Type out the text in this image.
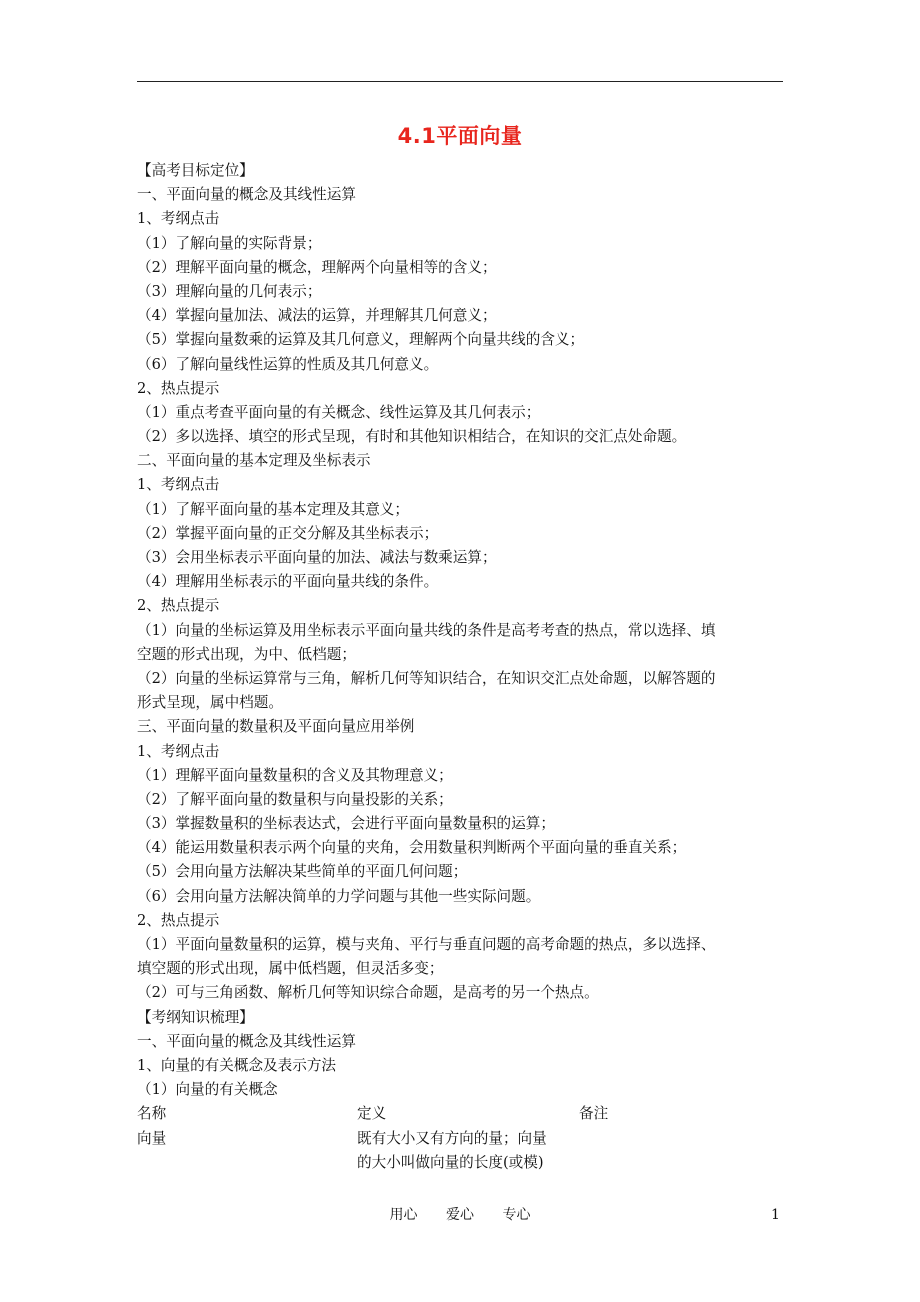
4.1平面向量
【高考目标定位】
一、平面向量的概念及其线性运算
1、考纲点击
（1）了解向量的实际背景；
（2）理解平面向量的概念，理解两个向量相等的含义；
（3）理解向量的几何表示；
（4）掌握向量加法、减法的运算，并理解其几何意义；
（5）掌握向量数乘的运算及其几何意义，理解两个向量共线的含义；
（6）了解向量线性运算的性质及其几何意义。
2、热点提示
（1）重点考查平面向量的有关概念、线性运算及其几何表示；
（2）多以选择、填空的形式呈现，有时和其他知识相结合，在知识的交汇点处命题。
二、平面向量的基本定理及坐标表示
1、考纲点击
（1）了解平面向量的基本定理及其意义；
（2）掌握平面向量的正交分解及其坐标表示；
（3）会用坐标表示平面向量的加法、减法与数乘运算；
（4）理解用坐标表示的平面向量共线的条件。
2、热点提示
（1）向量的坐标运算及用坐标表示平面向量共线的条件是高考考查的热点，常以选择、填
空题的形式出现，为中、低档题；
（2）向量的坐标运算常与三角，解析几何等知识结合，在知识交汇点处命题，以解答题的
形式呈现，属中档题。
三、平面向量的数量积及平面向量应用举例
1、考纲点击
（1）理解平面向量数量积的含义及其物理意义；
（2）了解平面向量的数量积与向量投影的关系；
（3）掌握数量积的坐标表达式，会进行平面向量数量积的运算；
（4）能运用数量积表示两个向量的夹角，会用数量积判断两个平面向量的垂直关系；
（5）会用向量方法解决某些简单的平面几何问题；
（6）会用向量方法解决简单的力学问题与其他一些实际问题。
2、热点提示
（1）平面向量数量积的运算，模与夹角、平行与垂直问题的高考命题的热点，多以选择、
填空题的形式出现，属中低档题，但灵活多变；
（2）可与三角函数、解析几何等知识综合命题，是高考的另一个热点。
【考纲知识梳理】
一、平面向量的概念及其线性运算
1、向量的有关概念及表示方法
（1）向量的有关概念
名称	定义	备注
向量	既有大小又有方向的量；向量
的大小叫做向量的长度(或模)
用心 爱心 专心	1
